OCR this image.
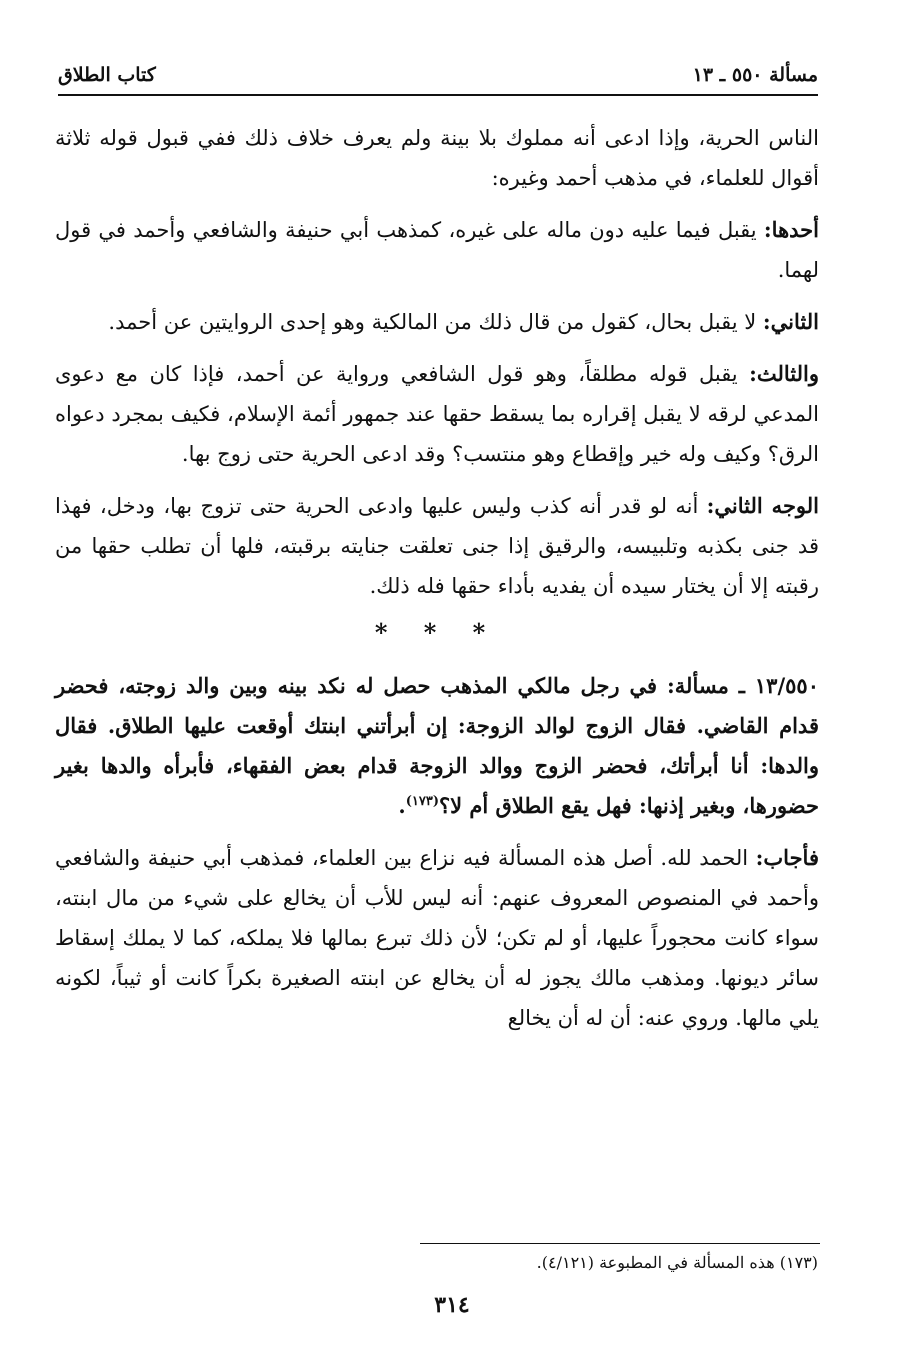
مسألة ٥٥٠ ـ ١٣
كتاب الطلاق

الناس الحرية، وإذا ادعى أنه مملوك بلا بينة ولم يعرف خلاف ذلك ففي قبول قوله ثلاثة أقوال للعلماء، في مذهب أحمد وغيره:

أحدها: يقبل فيما عليه دون ماله على غيره، كمذهب أبي حنيفة والشافعي وأحمد في قول لهما.

الثاني: لا يقبل بحال، كقول من قال ذلك من المالكية وهو إحدى الروايتين عن أحمد.

والثالث: يقبل قوله مطلقاً، وهو قول الشافعي ورواية عن أحمد، فإذا كان مع دعوى المدعي لرقه لا يقبل إقراره بما يسقط حقها عند جمهور أئمة الإسلام، فكيف بمجرد دعواه الرق؟ وكيف وله خير وإقطاع وهو منتسب؟ وقد ادعى الحرية حتى زوج بها.

الوجه الثاني: أنه لو قدر أنه كذب وليس عليها وادعى الحرية حتى تزوج بها، ودخل، فهذا قد جنى بكذبه وتلبيسه، والرقيق إذا جنى تعلقت جنايته برقبته، فلها أن تطلب حقها من رقبته إلا أن يختار سيده أن يفديه بأداء حقها فله ذلك.

* * *

١٣/٥٥٠ ـ مسألة: في رجل مالكي المذهب حصل له نكد بينه وبين والد زوجته، فحضر قدام القاضي. فقال الزوج لوالد الزوجة: إن أبرأتني ابنتك أوقعت عليها الطلاق. فقال والدها: أنا أبرأتك، فحضر الزوج ووالد الزوجة قدام بعض الفقهاء، فأبرأه والدها بغير حضورها، وبغير إذنها: فهل يقع الطلاق أم لا؟$^{(١٧٣)}$.

فأجاب: الحمد لله. أصل هذه المسألة فيه نزاع بين العلماء، فمذهب أبي حنيفة والشافعي وأحمد في المنصوص المعروف عنهم: أنه ليس للأب أن يخالع على شيء من مال ابنته، سواء كانت محجوراً عليها، أو لم تكن؛ لأن ذلك تبرع بمالها فلا يملكه، كما لا يملك إسقاط سائر ديونها. ومذهب مالك يجوز له أن يخالع عن ابنته الصغيرة بكراً كانت أو ثيباً، لكونه يلي مالها. وروي عنه: أن له أن يخالع

(١٧٣) هذه المسألة في المطبوعة (٤/١٢١).
٣١٤
